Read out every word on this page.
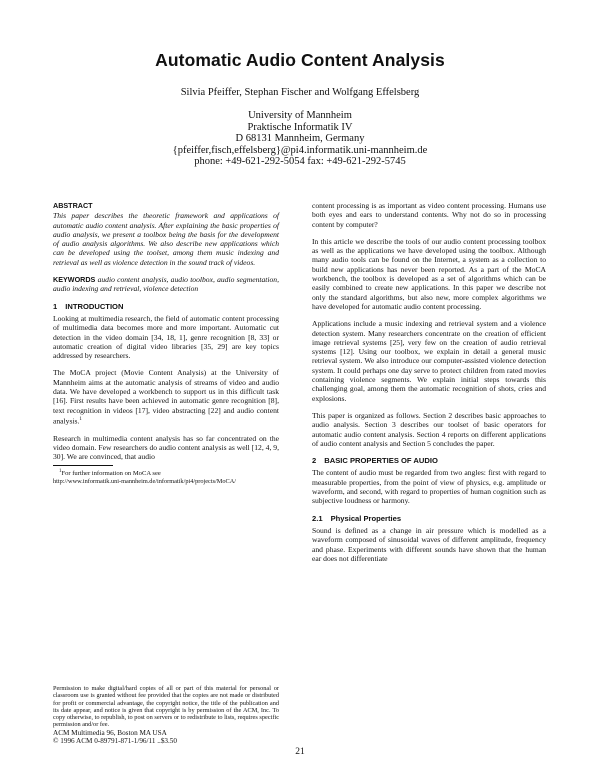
Automatic Audio Content Analysis
Silvia Pfeiffer, Stephan Fischer and Wolfgang Effelsberg
University of Mannheim
Praktische Informatik IV
D 68131 Mannheim, Germany
{pfeiffer,fisch,effelsberg}@pi4.informatik.uni-mannheim.de
phone: +49-621-292-5054 fax: +49-621-292-5745
ABSTRACT

This paper describes the theoretic framework and applications of automatic audio content analysis. After explaining the basic properties of audio analysis, we present a toolbox being the basis for the development of audio analysis algorithms. We also describe new applications which can be developed using the toolset, among them music indexing and retrieval as well as violence detection in the sound track of videos.

KEYWORDS audio content analysis, audio toolbox, audio segmentation, audio indexing and retrieval, violence detection

1 INTRODUCTION

Looking at multimedia research, the field of automatic content processing of multimedia data becomes more and more important. Automatic cut detection in the video domain [34, 18, 1], genre recognition [8, 33] or automatic creation of digital video libraries [35, 29] are key topics addressed by researchers.

The MoCA project (Movie Content Analysis) at the University of Mannheim aims at the automatic analysis of streams of video and audio data. We have developed a workbench to support us in this difficult task [16]. First results have been achieved in automatic genre recognition [8], text recognition in videos [17], video abstracting [22] and audio content analysis.$^1$

Research in multimedia content analysis has so far concentrated on the video domain. Few researchers do audio content analysis as well [12, 4, 9, 30]. We are convinced, that audio

$^1$For further information on MoCA see
http://www.informatik.uni-mannheim.de/informatik/pi4/projects/MoCA/
Permission to make digital/hard copies of all or part of this material for personal or classroom use is granted without fee provided that the copies are not made or distributed for profit or commercial advantage, the copyright notice, the title of the publication and its date appear, and notice is given that copyright is by permission of the ACM, Inc. To copy otherwise, to republish, to post on servers or to redistribute to lists, requires specific permission and/or fee.
ACM Multimedia 96, Boston MA USA
© 1996 ACM 0-89791-871-1/96/11 ..$3.50

content processing is as important as video content processing. Humans use both eyes and ears to understand contents. Why not do so in processing content by computer?

In this article we describe the tools of our audio content processing toolbox as well as the applications we have developed using the toolbox. Although many audio tools can be found on the Internet, a system as a collection to build new applications has never been reported. As a part of the MoCA workbench, the toolbox is developed as a set of algorithms which can be easily combined to create new applications. In this paper we describe not only the standard algorithms, but also new, more complex algorithms we have developed for automatic audio content processing.

Applications include a music indexing and retrieval system and a violence detection system. Many researchers concentrate on the creation of efficient image retrieval systems [25], very few on the creation of audio retrieval systems [12]. Using our toolbox, we explain in detail a general music retrieval system. We also introduce our computer-assisted violence detection system. It could perhaps one day serve to protect children from rated movies containing violence segments. We explain initial steps towards this challenging goal, among them the automatic recognition of shots, cries and explosions.

This paper is organized as follows. Section 2 describes basic approaches to audio analysis. Section 3 describes our toolset of basic operators for automatic audio content analysis. Section 4 reports on different applications of audio content analysis and Section 5 concludes the paper.

2 BASIC PROPERTIES OF AUDIO

The content of audio must be regarded from two angles: first with regard to measurable properties, from the point of view of physics, e.g. amplitude or waveform, and second, with regard to properties of human cognition such as subjective loudness or harmony.

2.1 Physical Properties

Sound is defined as a change in air pressure which is modelled as a waveform composed of sinusoidal waves of different amplitude, frequency and phase. Experiments with different sounds have shown that the human ear does not differentiate

21
